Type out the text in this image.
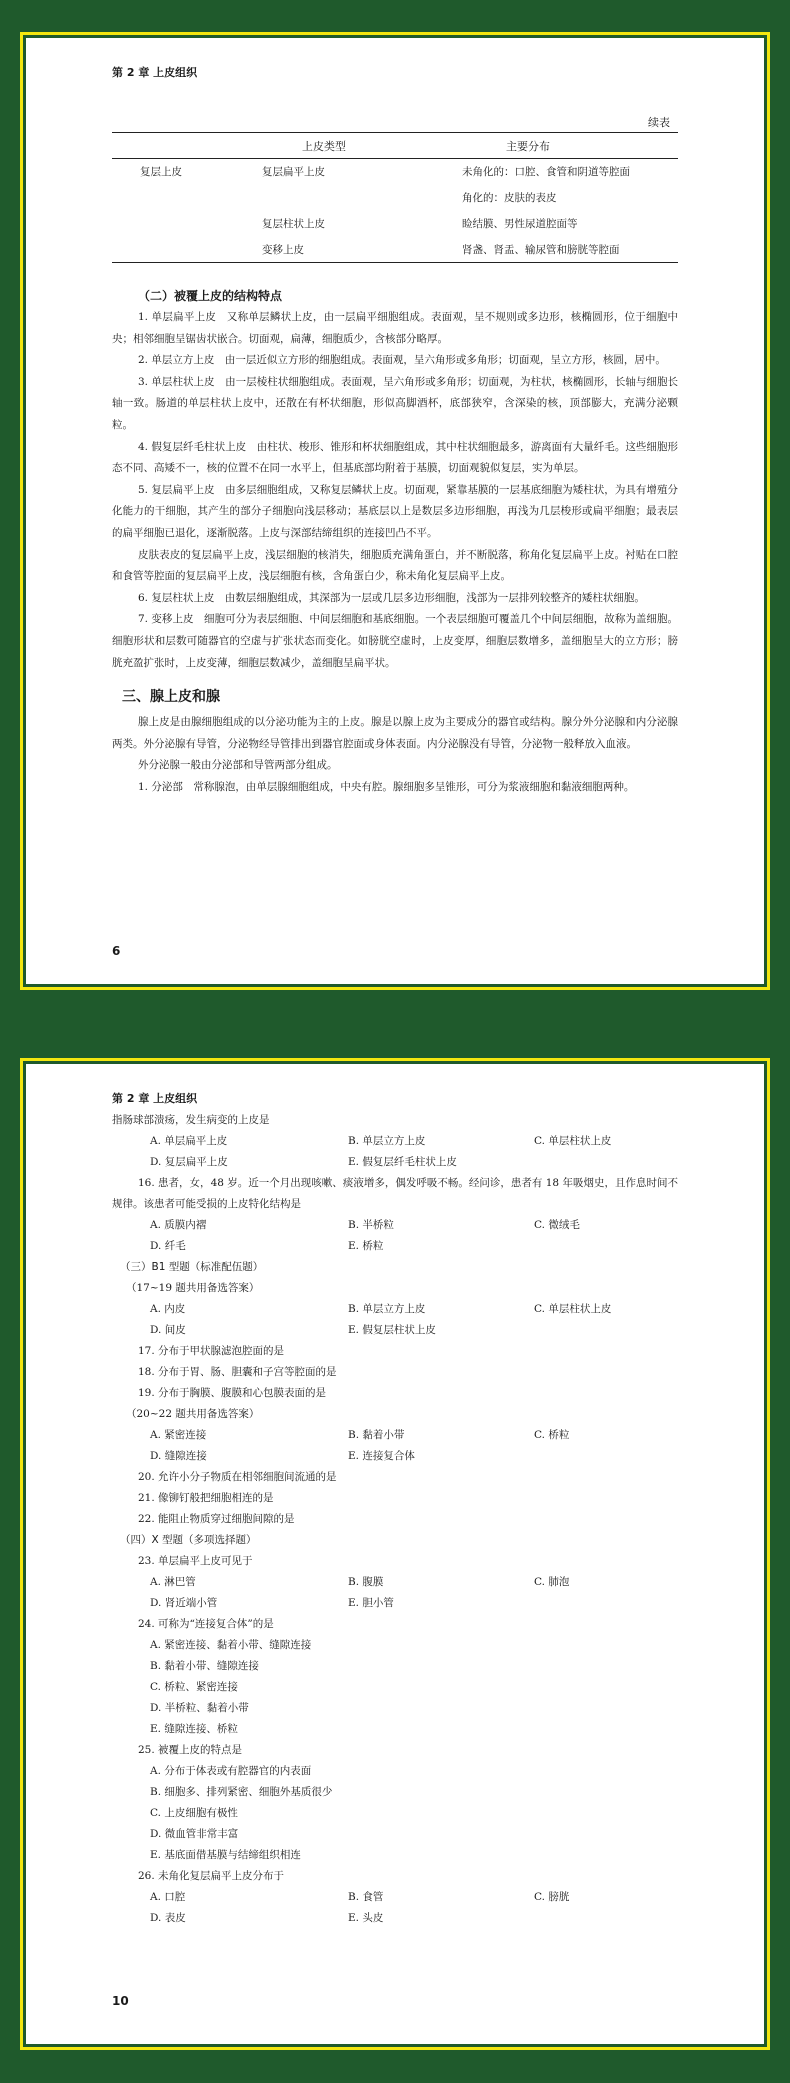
第 2 章 上皮组织
续表
	上皮类型	主要分布
复层上皮	复层扁平上皮	未角化的：口腔、食管和阴道等腔面
		角化的：皮肤的表皮
	复层柱状上皮	睑结膜、男性尿道腔面等
	变移上皮	肾盏、肾盂、输尿管和膀胱等腔面
（二）被覆上皮的结构特点

1. 单层扁平上皮　又称单层鳞状上皮，由一层扁平细胞组成。表面观，呈不规则或多边形，核椭圆形，位于细胞中央；相邻细胞呈锯齿状嵌合。切面观，扁薄，细胞质少，含核部分略厚。

2. 单层立方上皮　由一层近似立方形的细胞组成。表面观，呈六角形或多角形；切面观，呈立方形，核圆，居中。

3. 单层柱状上皮　由一层棱柱状细胞组成。表面观，呈六角形或多角形；切面观，为柱状，核椭圆形，长轴与细胞长轴一致。肠道的单层柱状上皮中，还散在有杯状细胞，形似高脚酒杯，底部狭窄，含深染的核，顶部膨大，充满分泌颗粒。

4. 假复层纤毛柱状上皮　由柱状、梭形、锥形和杯状细胞组成，其中柱状细胞最多，游离面有大量纤毛。这些细胞形态不同、高矮不一，核的位置不在同一水平上，但基底部均附着于基膜，切面观貌似复层，实为单层。

5. 复层扁平上皮　由多层细胞组成，又称复层鳞状上皮。切面观，紧靠基膜的一层基底细胞为矮柱状，为具有增殖分化能力的干细胞，其产生的部分子细胞向浅层移动；基底层以上是数层多边形细胞，再浅为几层梭形或扁平细胞；最表层的扁平细胞已退化，逐渐脱落。上皮与深部结缔组织的连接凹凸不平。

皮肤表皮的复层扁平上皮，浅层细胞的核消失，细胞质充满角蛋白，并不断脱落，称角化复层扁平上皮。衬贴在口腔和食管等腔面的复层扁平上皮，浅层细胞有核，含角蛋白少，称未角化复层扁平上皮。

6. 复层柱状上皮　由数层细胞组成，其深部为一层或几层多边形细胞，浅部为一层排列较整齐的矮柱状细胞。

7. 变移上皮　细胞可分为表层细胞、中间层细胞和基底细胞。一个表层细胞可覆盖几个中间层细胞，故称为盖细胞。细胞形状和层数可随器官的空虚与扩张状态而变化。如膀胱空虚时，上皮变厚，细胞层数增多，盖细胞呈大的立方形；膀胱充盈扩张时，上皮变薄，细胞层数减少，盖细胞呈扁平状。

三、腺上皮和腺

腺上皮是由腺细胞组成的以分泌功能为主的上皮。腺是以腺上皮为主要成分的器官或结构。腺分外分泌腺和内分泌腺两类。外分泌腺有导管，分泌物经导管排出到器官腔面或身体表面。内分泌腺没有导管，分泌物一般释放入血液。

外分泌腺一般由分泌部和导管两部分组成。

1. 分泌部　常称腺泡，由单层腺细胞组成，中央有腔。腺细胞多呈锥形，可分为浆液细胞和黏液细胞两种。

6
第 2 章 上皮组织
指肠球部溃疡，发生病变的上皮是
A. 单层扁平上皮	B. 单层立方上皮	C. 单层柱状上皮
D. 复层扁平上皮	E. 假复层纤毛柱状上皮

16. 患者，女，48 岁。近一个月出现咳嗽、痰液增多，偶发呼吸不畅。经问诊，患者有 18 年吸烟史，且作息时间不规律。该患者可能受损的上皮特化结构是

A. 质膜内褶	B. 半桥粒	C. 微绒毛
D. 纤毛	E. 桥粒
（三）B1 型题（标准配伍题）
（17~19 题共用备选答案）
A. 内皮	B. 单层立方上皮	C. 单层柱状上皮
D. 间皮	E. 假复层柱状上皮
17. 分布于甲状腺滤泡腔面的是
18. 分布于胃、肠、胆囊和子宫等腔面的是
19. 分布于胸膜、腹膜和心包膜表面的是
（20~22 题共用备选答案）
A. 紧密连接	B. 黏着小带	C. 桥粒
D. 缝隙连接	E. 连接复合体
20. 允许小分子物质在相邻细胞间流通的是
21. 像铆钉般把细胞相连的是
22. 能阻止物质穿过细胞间隙的是
（四）X 型题（多项选择题）
23. 单层扁平上皮可见于
A. 淋巴管	B. 腹膜	C. 肺泡
D. 肾近端小管	E. 胆小管
24. 可称为“连接复合体”的是
A. 紧密连接、黏着小带、缝隙连接
B. 黏着小带、缝隙连接
C. 桥粒、紧密连接
D. 半桥粒、黏着小带
E. 缝隙连接、桥粒
25. 被覆上皮的特点是
A. 分布于体表或有腔器官的内表面
B. 细胞多、排列紧密、细胞外基质很少
C. 上皮细胞有极性
D. 微血管非常丰富
E. 基底面借基膜与结缔组织相连
26. 未角化复层扁平上皮分布于
A. 口腔	B. 食管	C. 膀胱
D. 表皮	E. 头皮
10
